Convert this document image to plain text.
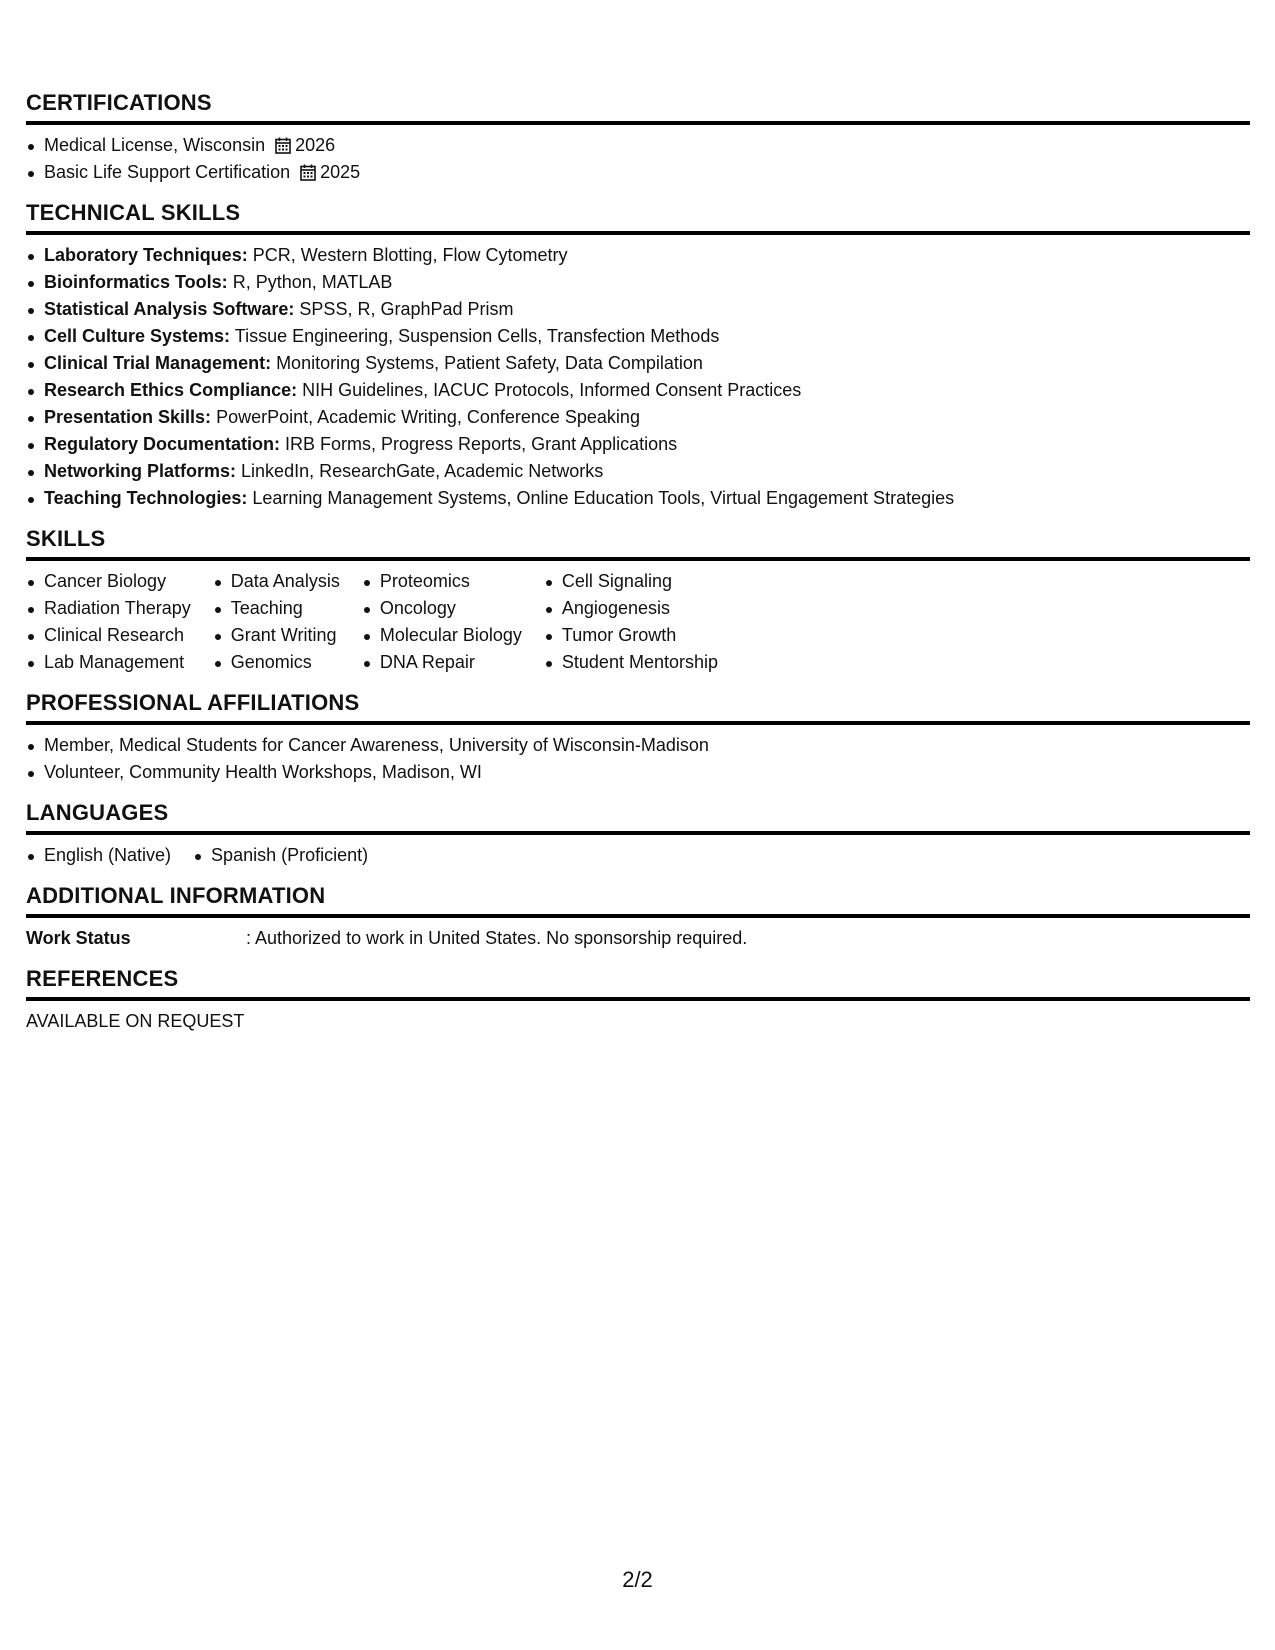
CERTIFICATIONS
Medical License, Wisconsin 2026
Basic Life Support Certification 2025
TECHNICAL SKILLS
Laboratory Techniques: PCR, Western Blotting, Flow Cytometry
Bioinformatics Tools: R, Python, MATLAB
Statistical Analysis Software: SPSS, R, GraphPad Prism
Cell Culture Systems: Tissue Engineering, Suspension Cells, Transfection Methods
Clinical Trial Management: Monitoring Systems, Patient Safety, Data Compilation
Research Ethics Compliance: NIH Guidelines, IACUC Protocols, Informed Consent Practices
Presentation Skills: PowerPoint, Academic Writing, Conference Speaking
Regulatory Documentation: IRB Forms, Progress Reports, Grant Applications
Networking Platforms: LinkedIn, ResearchGate, Academic Networks
Teaching Technologies: Learning Management Systems, Online Education Tools, Virtual Engagement Strategies
SKILLS
Cancer Biology
Radiation Therapy
Clinical Research
Lab Management
Data Analysis
Teaching
Grant Writing
Genomics
Proteomics
Oncology
Molecular Biology
DNA Repair
Cell Signaling
Angiogenesis
Tumor Growth
Student Mentorship
PROFESSIONAL AFFILIATIONS
Member, Medical Students for Cancer Awareness, University of Wisconsin-Madison
Volunteer, Community Health Workshops, Madison, WI
LANGUAGES
English (Native)	Spanish (Proficient)
ADDITIONAL INFORMATION
Work Status	: Authorized to work in United States. No sponsorship required.
REFERENCES
AVAILABLE ON REQUEST
2/2
